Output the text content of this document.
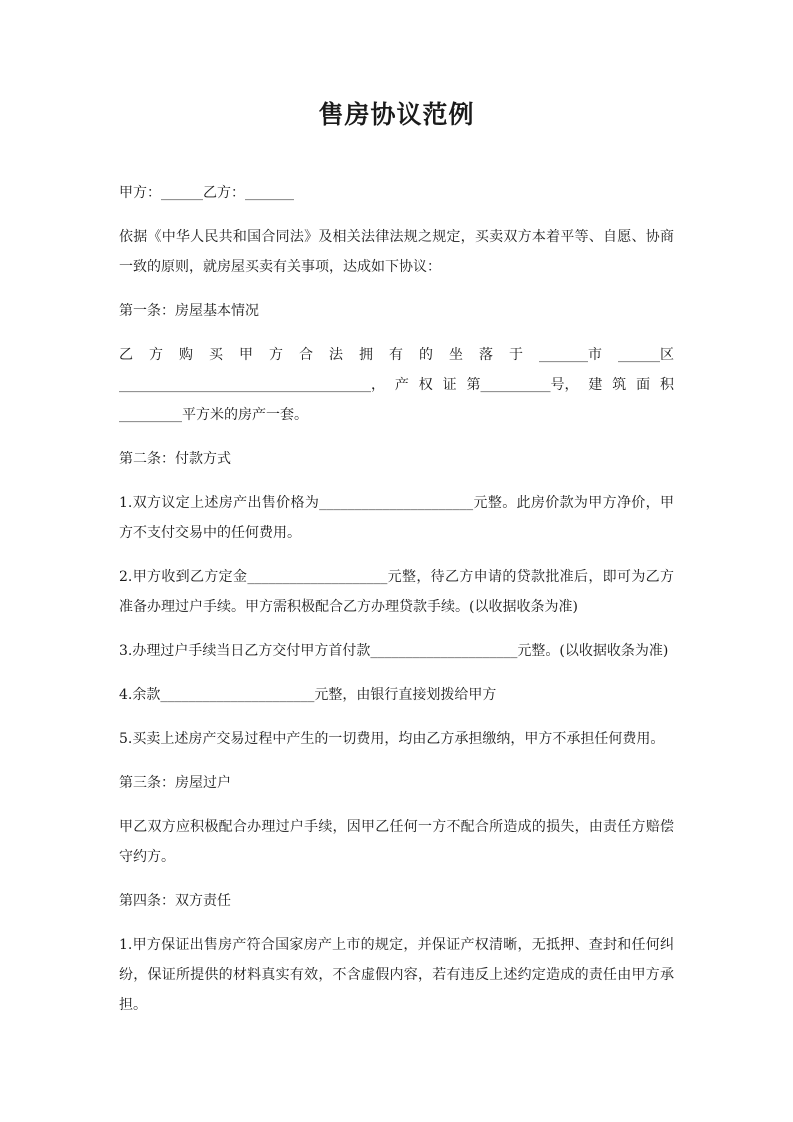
售房协议范例
甲方：______乙方：_______
依据《中华人民共和国合同法》及相关法律法规之规定，买卖双方本着平等、自愿、协商一致的原则，就房屋买卖有关事项，达成如下协议：
第一条：房屋基本情况
乙 方 购 买 甲 方 合 法 拥 有 的 坐 落 于 _______市 ______区
____________________________________， 产 权 证 第__________号， 建 筑 面 积
_________平方米的房产一套。
第二条：付款方式
1.双方议定上述房产出售价格为______________________元整。此房价款为甲方净价，甲方不支付交易中的任何费用。
2.甲方收到乙方定金____________________元整，待乙方申请的贷款批准后，即可为乙方准备办理过户手续。甲方需积极配合乙方办理贷款手续。(以收据收条为准)
3.办理过户手续当日乙方交付甲方首付款_____________________元整。(以收据收条为准)
4.余款______________________元整，由银行直接划拨给甲方
5.买卖上述房产交易过程中产生的一切费用，均由乙方承担缴纳，甲方不承担任何费用。
第三条：房屋过户
甲乙双方应积极配合办理过户手续，因甲乙任何一方不配合所造成的损失，由责任方赔偿守约方。
第四条：双方责任
1.甲方保证出售房产符合国家房产上市的规定，并保证产权清晰，无抵押、查封和任何纠纷，保证所提供的材料真实有效，不含虚假内容，若有违反上述约定造成的责任由甲方承担。
